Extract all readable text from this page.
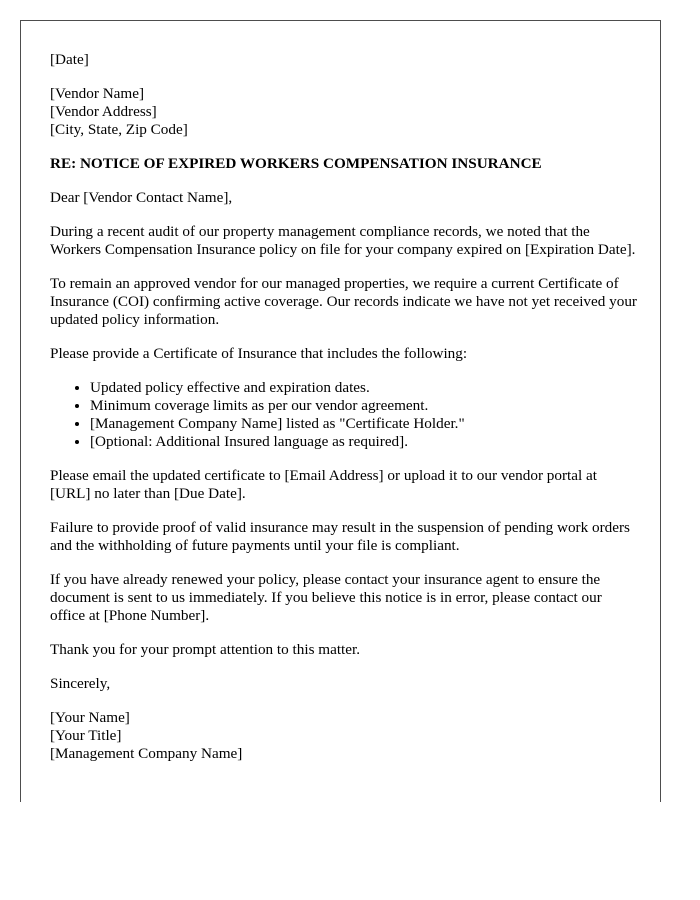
[Date]

[Vendor Name]
[Vendor Address]
[City, State, Zip Code]

RE: NOTICE OF EXPIRED WORKERS COMPENSATION INSURANCE

Dear [Vendor Contact Name],

During a recent audit of our property management compliance records, we noted that the Workers Compensation Insurance policy on file for your company expired on [Expiration Date].

To remain an approved vendor for our managed properties, we require a current Certificate of Insurance (COI) confirming active coverage. Our records indicate we have not yet received your updated policy information.

Please provide a Certificate of Insurance that includes the following:

• Updated policy effective and expiration dates.
• Minimum coverage limits as per our vendor agreement.
• [Management Company Name] listed as "Certificate Holder."
• [Optional: Additional Insured language as required].

Please email the updated certificate to [Email Address] or upload it to our vendor portal at [URL] no later than [Due Date].

Failure to provide proof of valid insurance may result in the suspension of pending work orders and the withholding of future payments until your file is compliant.

If you have already renewed your policy, please contact your insurance agent to ensure the document is sent to us immediately. If you believe this notice is in error, please contact our office at [Phone Number].

Thank you for your prompt attention to this matter.

Sincerely,

[Your Name]
[Your Title]
[Management Company Name]
